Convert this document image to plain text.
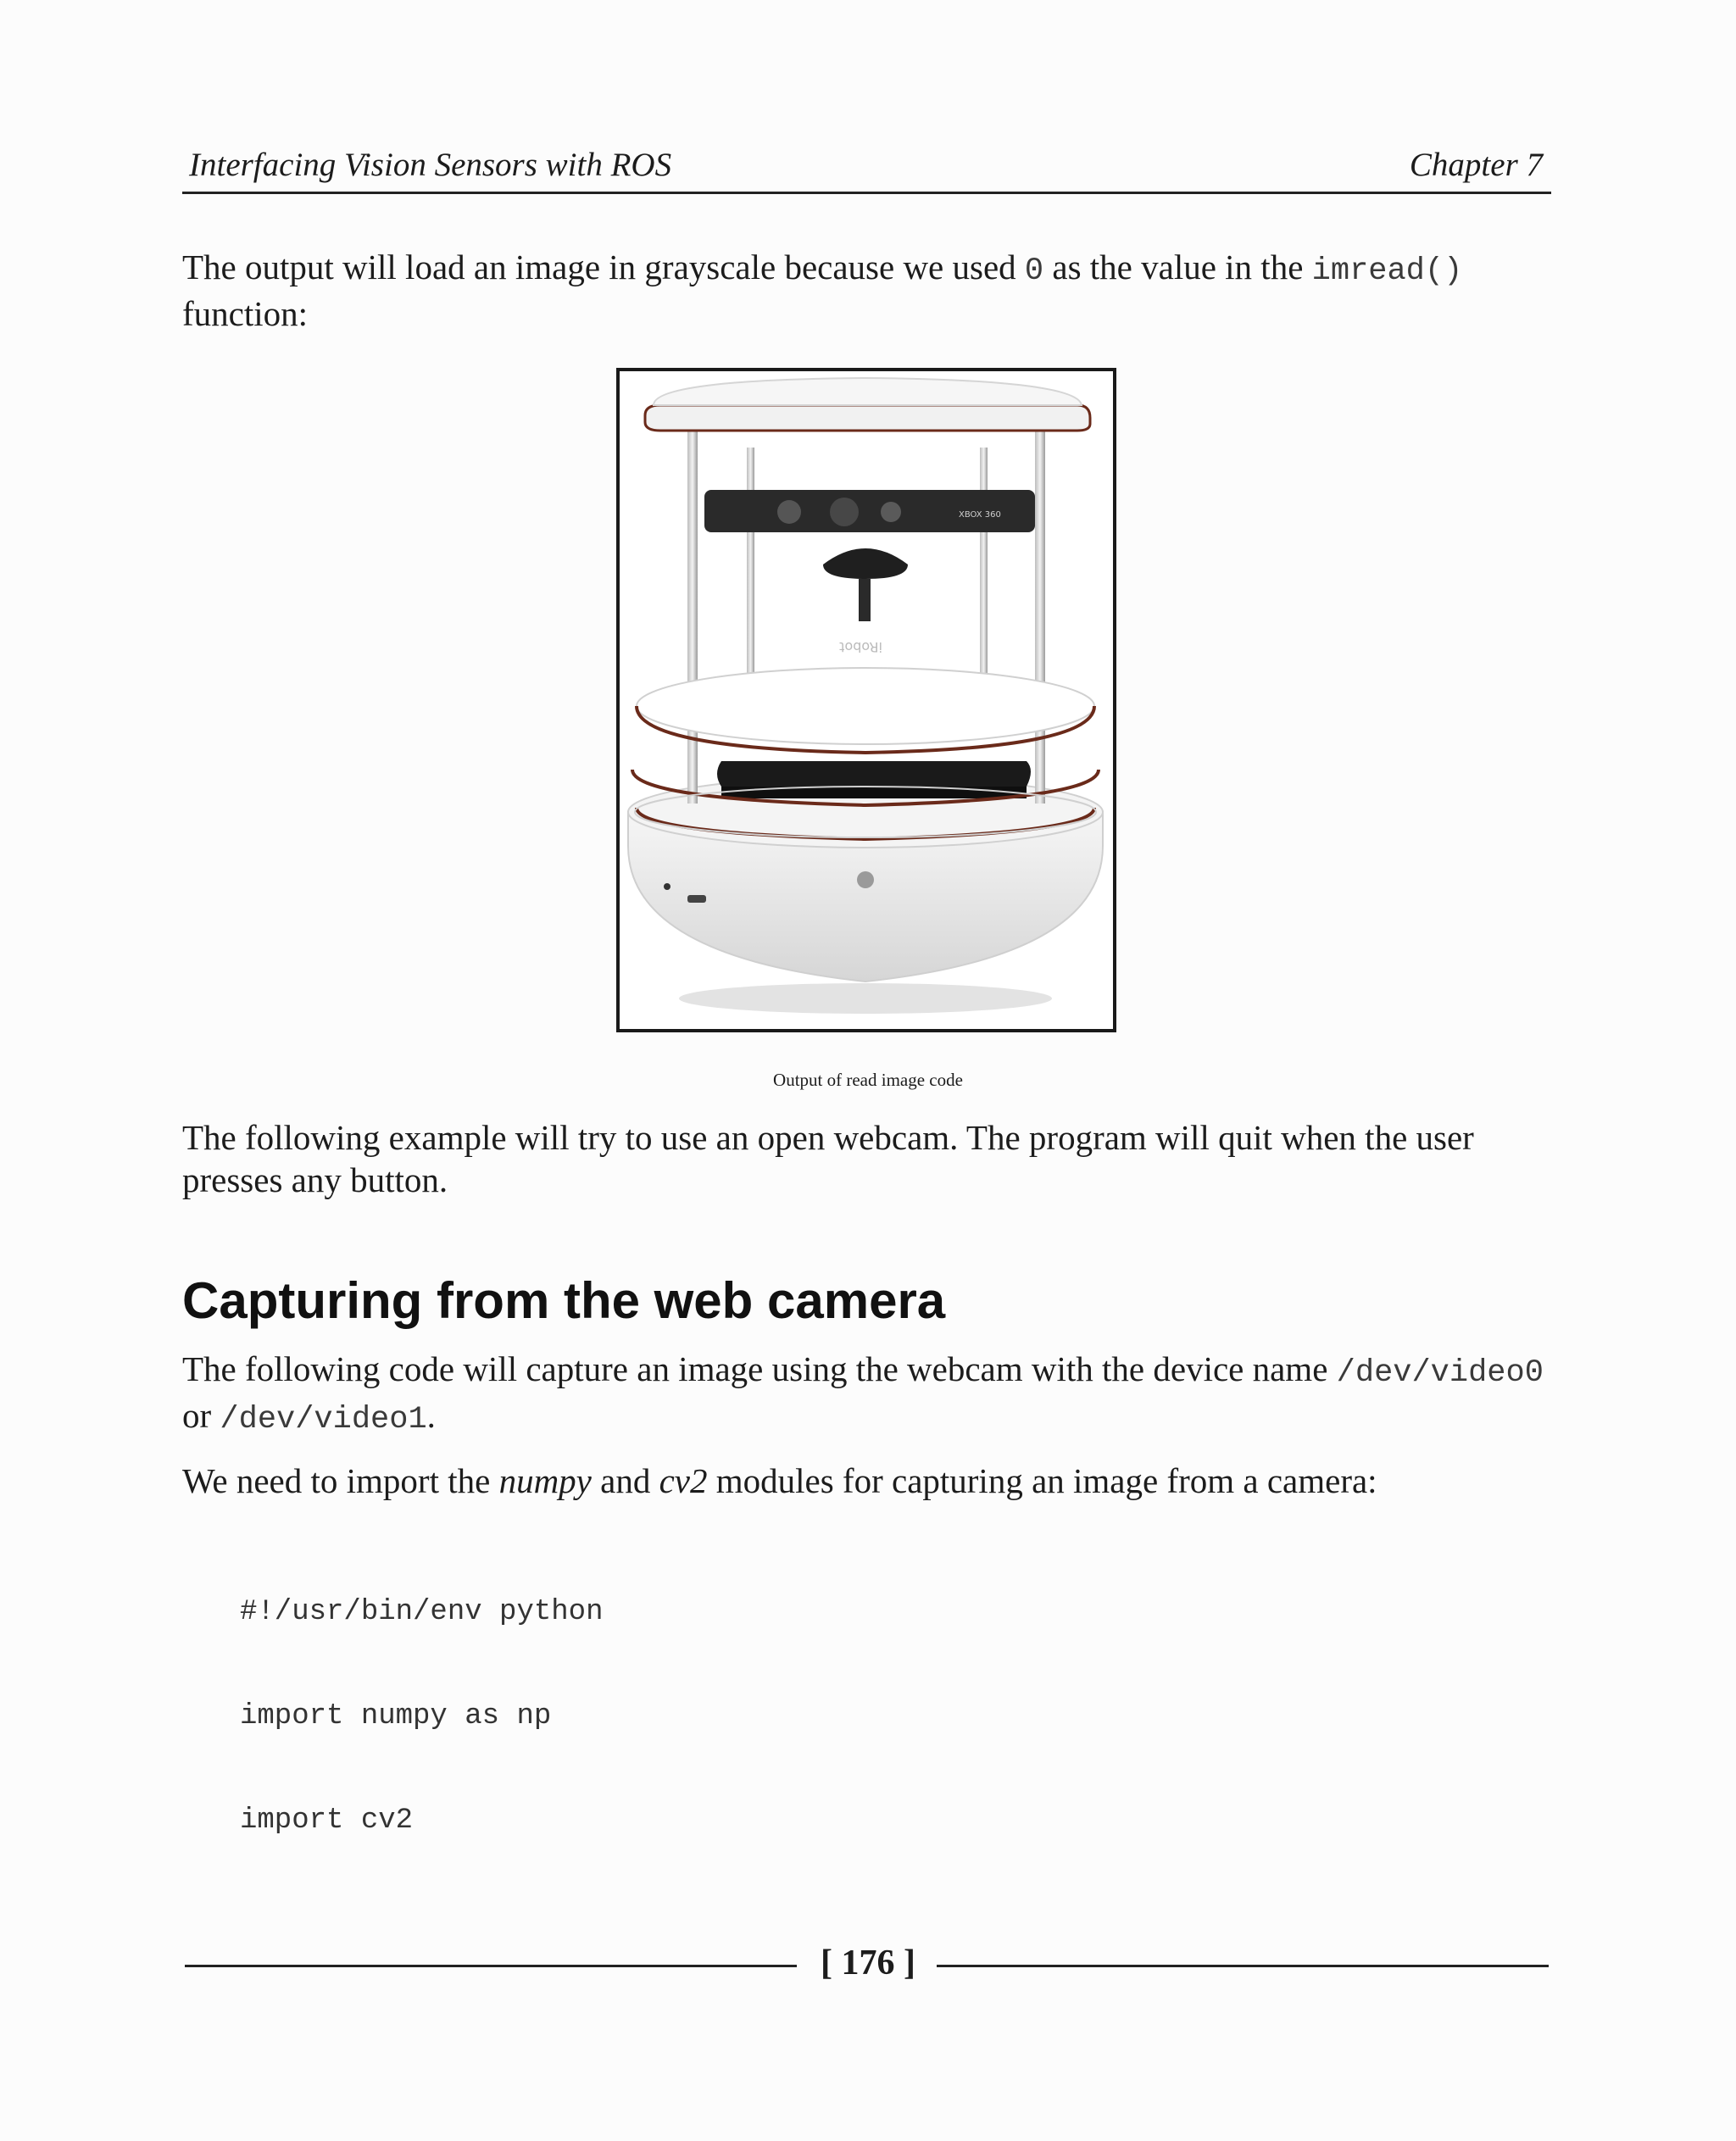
Interfacing Vision Sensors with ROS	Chapter 7
The output will load an image in grayscale because we used 0 as the value in the imread() function:
XBOX 360
iRobot
Output of read image code
The following example will try to use an open webcam. The program will quit when the user presses any button.
Capturing from the web camera
The following code will capture an image using the webcam with the device name /dev/video0 or /dev/video1.
We need to import the numpy and cv2 modules for capturing an image from a camera:

#!/usr/bin/env python

import numpy as np

import cv2

[ 176 ]
